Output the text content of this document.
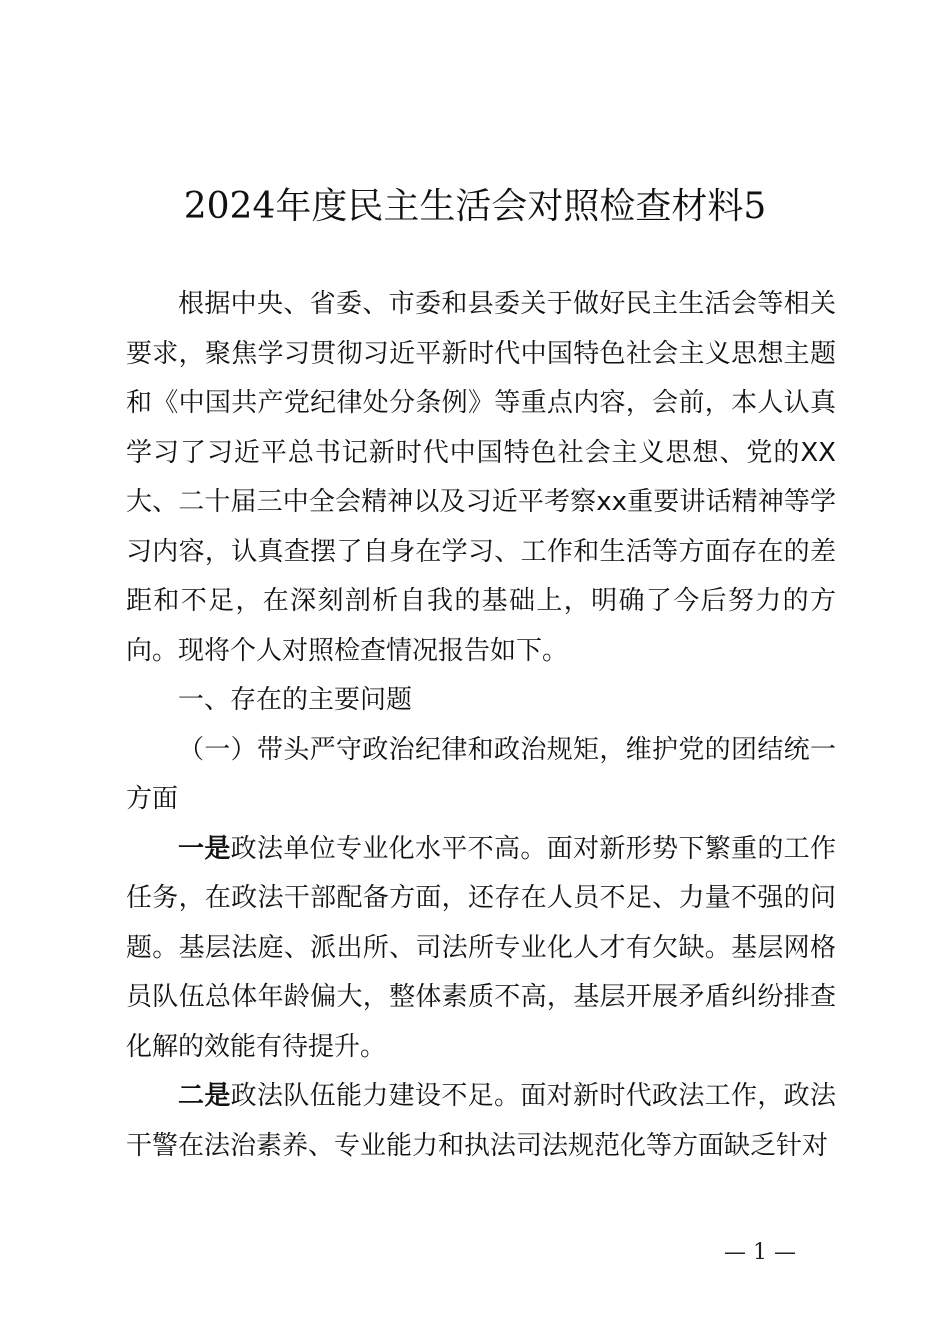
2024年度民主生活会对照检查材料5

根据中央、省委、市委和县委关于做好民主生活会等相关要求，聚焦学习贯彻习近平新时代中国特色社会主义思想主题和《中国共产党纪律处分条例》等重点内容，会前，本人认真学习了习近平总书记新时代中国特色社会主义思想、党的XX大、二十届三中全会精神以及习近平考察xx重要讲话精神等学习内容，认真查摆了自身在学习、工作和生活等方面存在的差距和不足，在深刻剖析自我的基础上，明确了今后努力的方向。现将个人对照检查情况报告如下。

一、存在的主要问题

（一）带头严守政治纪律和政治规矩，维护党的团结统一方面

一是政法单位专业化水平不高。面对新形势下繁重的工作任务，在政法干部配备方面，还存在人员不足、力量不强的问题。基层法庭、派出所、司法所专业化人才有欠缺。基层网格员队伍总体年龄偏大，整体素质不高，基层开展矛盾纠纷排查化解的效能有待提升。

二是政法队伍能力建设不足。面对新时代政法工作，政法干警在法治素养、专业能力和执法司法规范化等方面缺乏针对

— 1 —
